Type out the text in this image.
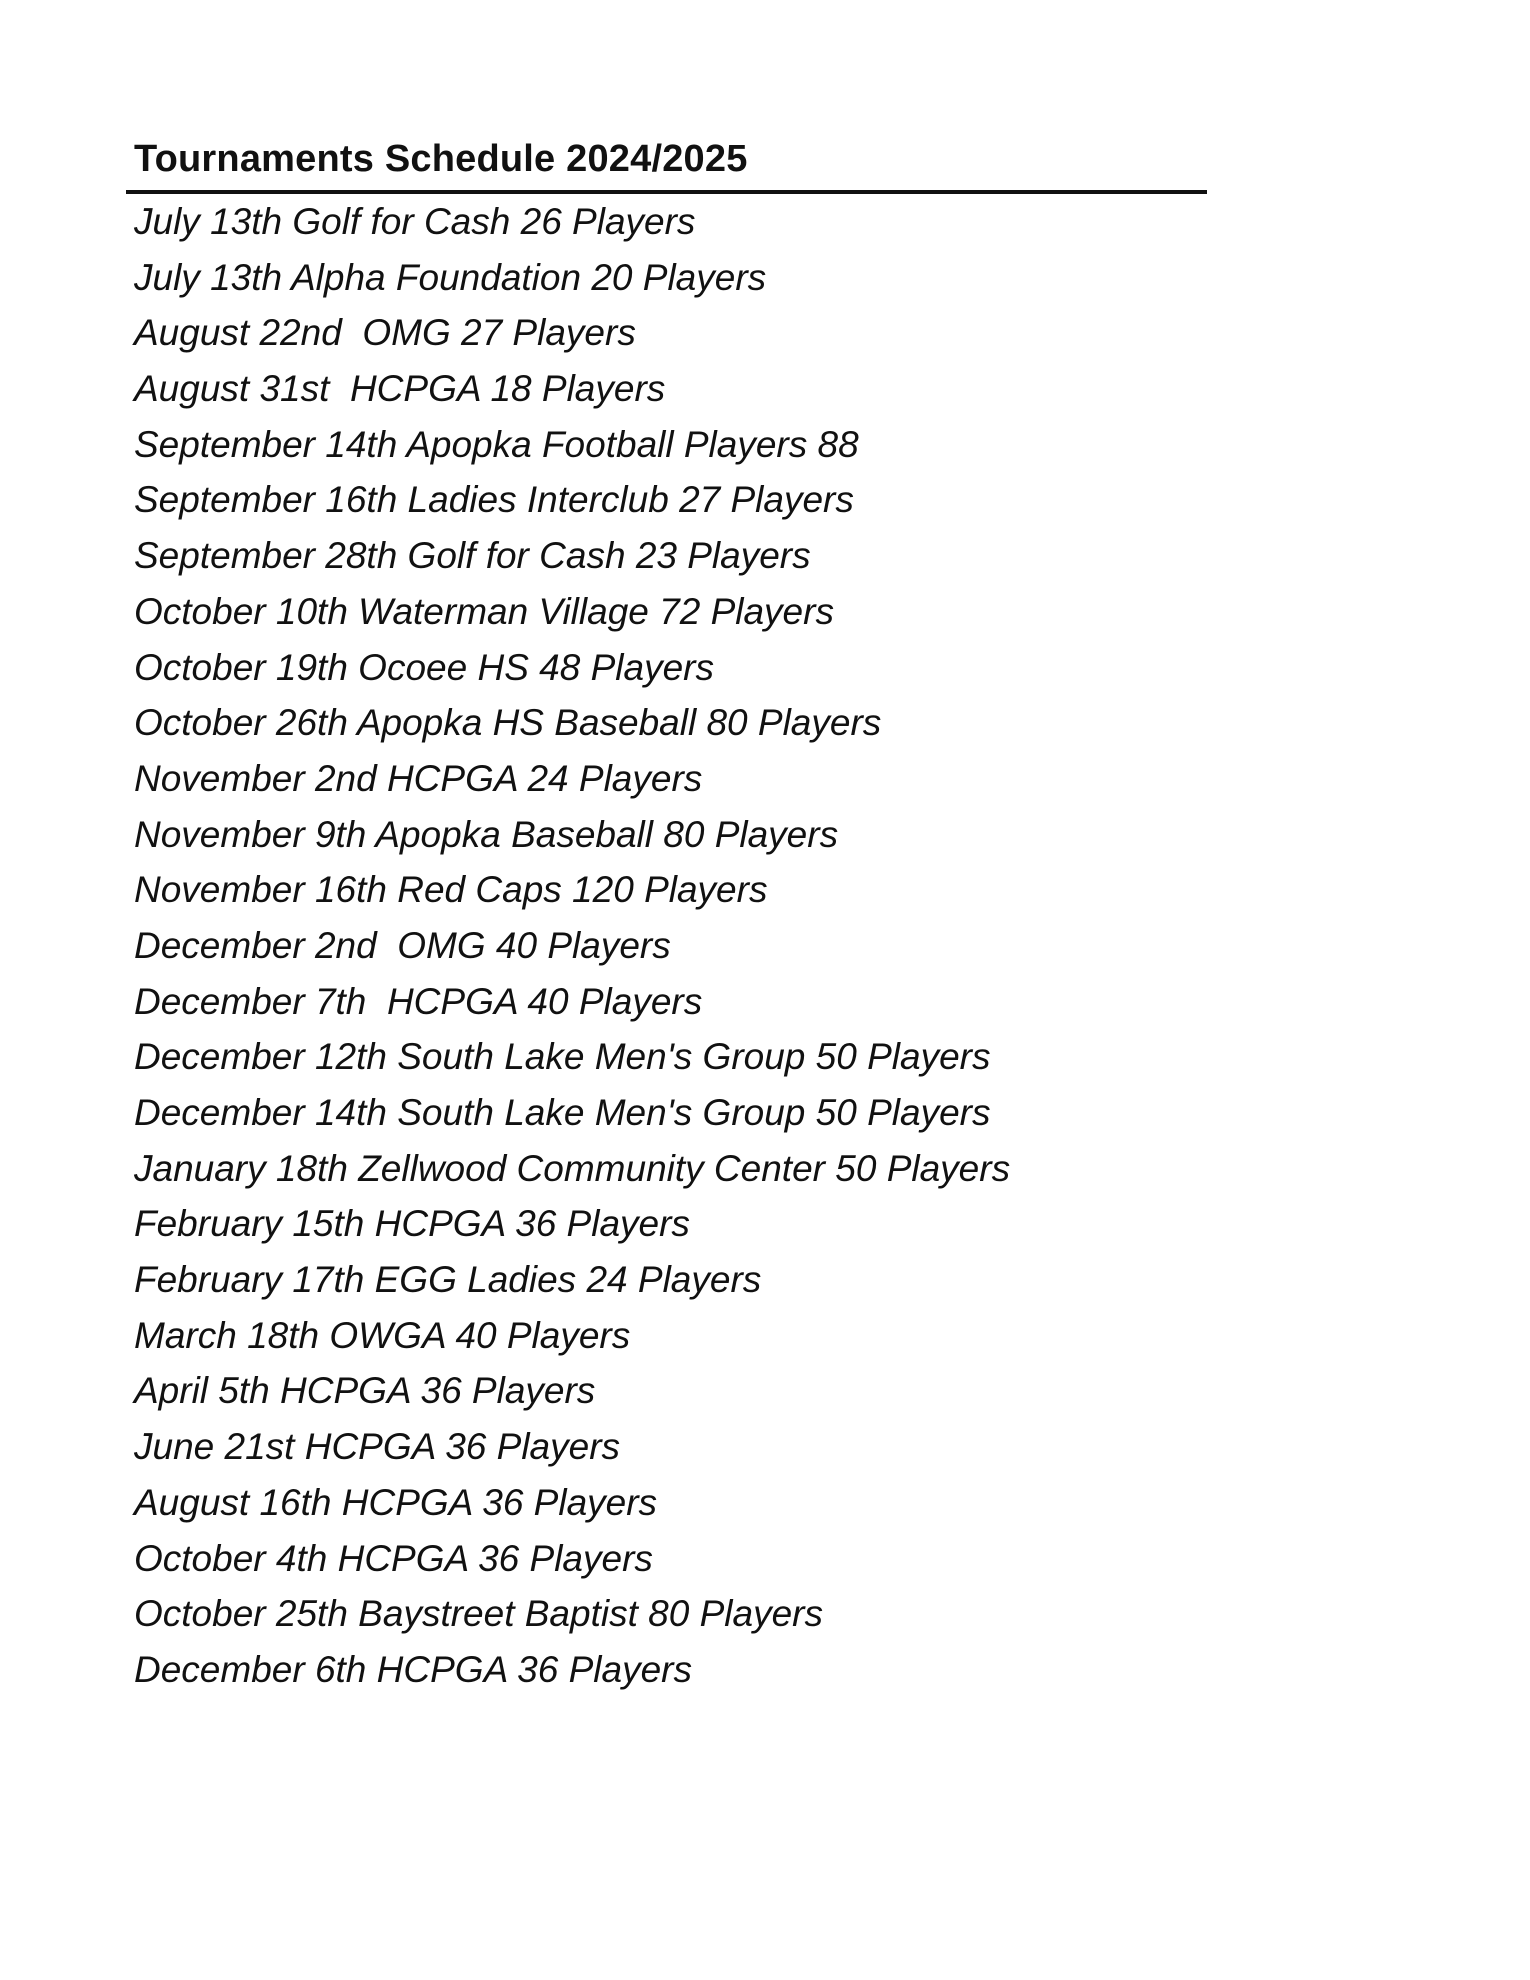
Tournaments Schedule 2024/2025
July 13th Golf for Cash 26 Players
July 13th Alpha Foundation 20 Players
August 22nd  OMG 27 Players
August 31st  HCPGA 18 Players
September 14th Apopka Football Players 88
September 16th Ladies Interclub 27 Players
September 28th Golf for Cash 23 Players
October 10th Waterman Village 72 Players
October 19th Ocoee HS 48 Players
October 26th Apopka HS Baseball 80 Players
November 2nd HCPGA 24 Players
November 9th Apopka Baseball 80 Players
November 16th Red Caps 120 Players
December 2nd  OMG 40 Players
December 7th  HCPGA 40 Players
December 12th South Lake Men's Group 50 Players
December 14th South Lake Men's Group 50 Players
January 18th Zellwood Community Center 50 Players
February 15th HCPGA 36 Players
February 17th EGG Ladies 24 Players
March 18th OWGA 40 Players
April 5th HCPGA 36 Players
June 21st HCPGA 36 Players
August 16th HCPGA 36 Players
October 4th HCPGA 36 Players
October 25th Baystreet Baptist 80 Players
December 6th HCPGA 36 Players
